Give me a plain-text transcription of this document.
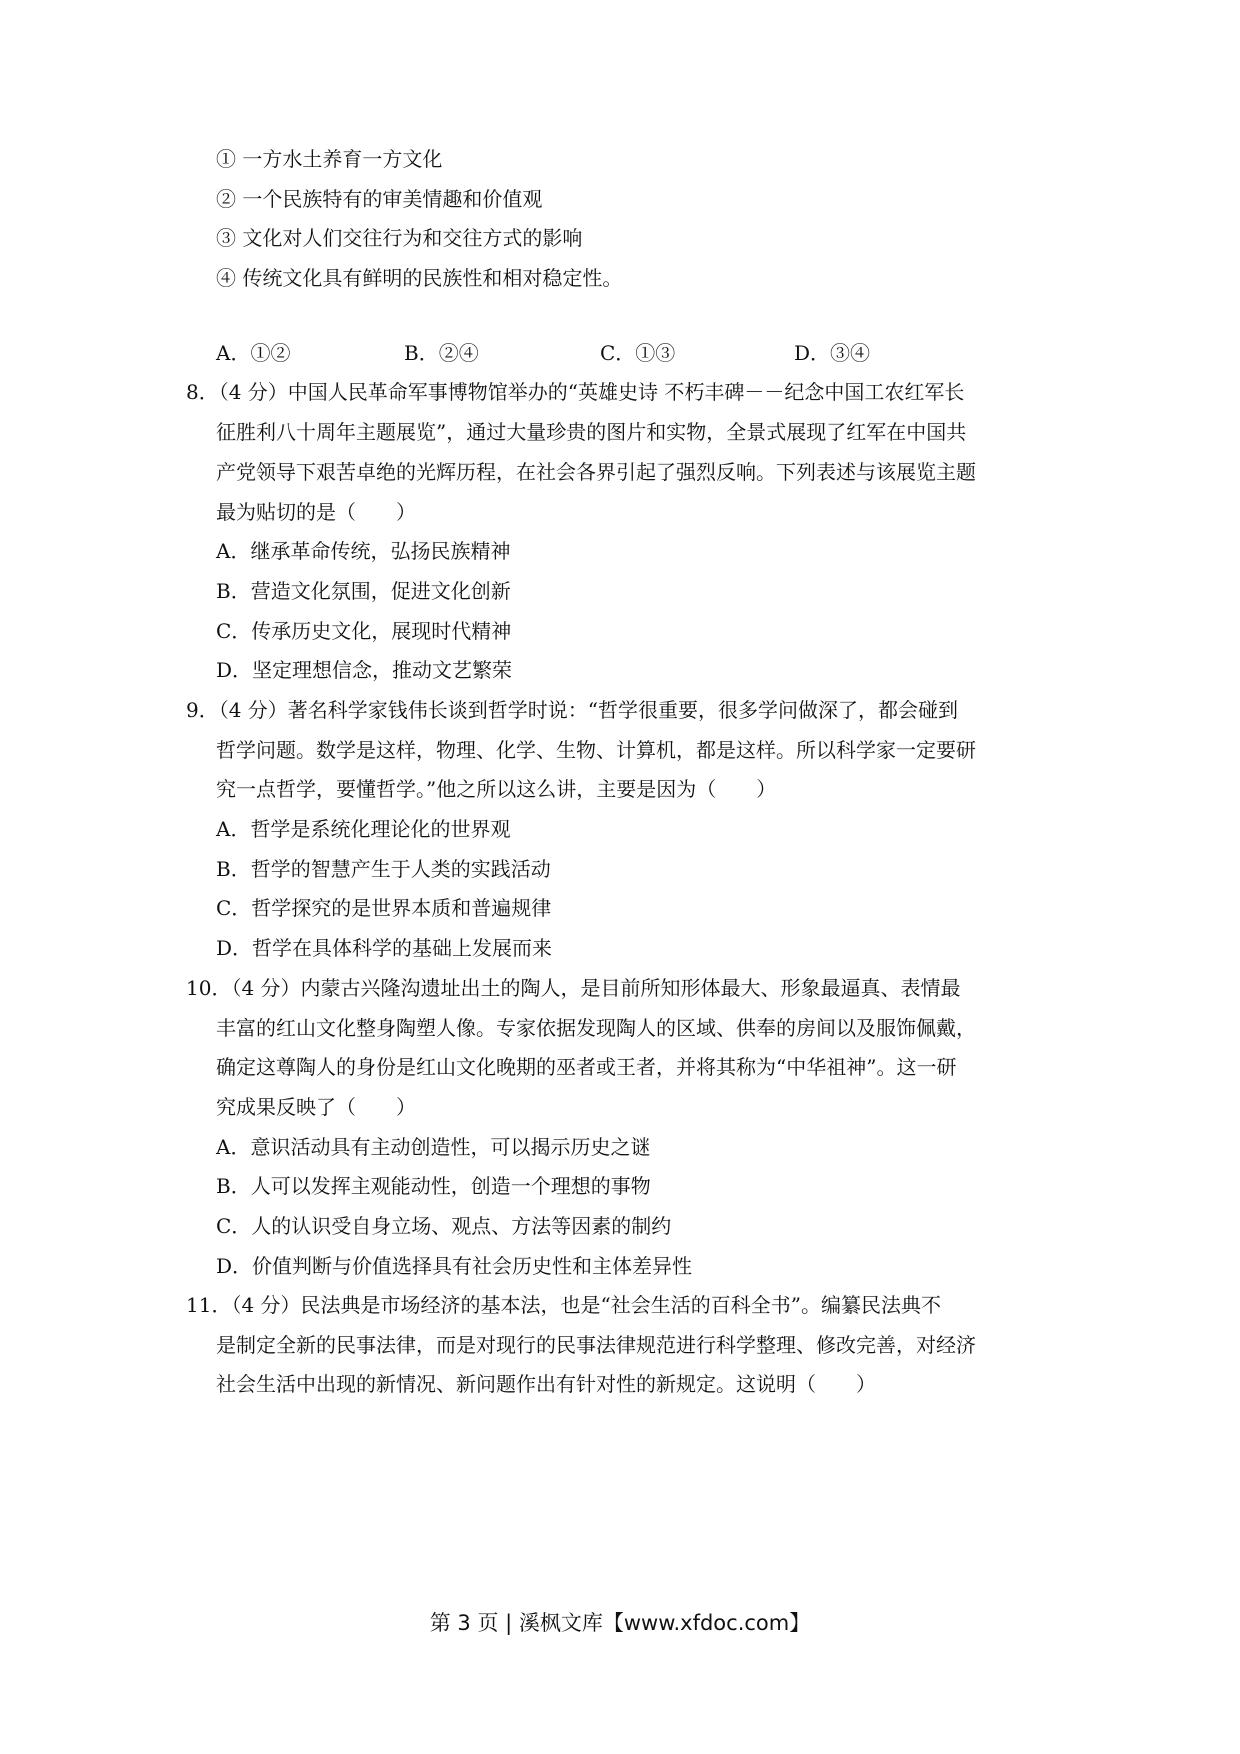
① 一方水土养育一方文化
② 一个民族特有的审美情趣和价值观
③ 文化对人们交往行为和交往方式的影响
④ 传统文化具有鲜明的民族性和相对稳定性。
A．①②	B．②④	C．①③	D．③④
8．（4 分）中国人民革命军事博物馆举办的“英雄史诗 不朽丰碑－－纪念中国工农红军长
征胜利八十周年主题展览”，通过大量珍贵的图片和实物，全景式展现了红军在中国共
产党领导下艰苦卓绝的光辉历程，在社会各界引起了强烈反响。下列表述与该展览主题
最为贴切的是（　　）
A．继承革命传统，弘扬民族精神
B．营造文化氛围，促进文化创新
C．传承历史文化，展现时代精神
D．坚定理想信念，推动文艺繁荣
9．（4 分）著名科学家钱伟长谈到哲学时说：“哲学很重要，很多学问做深了，都会碰到
哲学问题。数学是这样，物理、化学、生物、计算机，都是这样。所以科学家一定要研
究一点哲学，要懂哲学。”他之所以这么讲，主要是因为（　　）
A．哲学是系统化理论化的世界观
B．哲学的智慧产生于人类的实践活动
C．哲学探究的是世界本质和普遍规律
D．哲学在具体科学的基础上发展而来
10．（4 分）内蒙古兴隆沟遗址出土的陶人，是目前所知形体最大、形象最逼真、表情最
丰富的红山文化整身陶塑人像。专家依据发现陶人的区域、供奉的房间以及服饰佩戴，
确定这尊陶人的身份是红山文化晚期的巫者或王者，并将其称为“中华祖神”。这一研
究成果反映了（　　）
A．意识活动具有主动创造性，可以揭示历史之谜
B．人可以发挥主观能动性，创造一个理想的事物
C．人的认识受自身立场、观点、方法等因素的制约
D．价值判断与价值选择具有社会历史性和主体差异性
11．（4 分）民法典是市场经济的基本法，也是“社会生活的百科全书”。编纂民法典不
是制定全新的民事法律，而是对现行的民事法律规范进行科学整理、修改完善，对经济
社会生活中出现的新情况、新问题作出有针对性的新规定。这说明（　　）
第 3 页 | 溪枫文库【www.xfdoc.com】
